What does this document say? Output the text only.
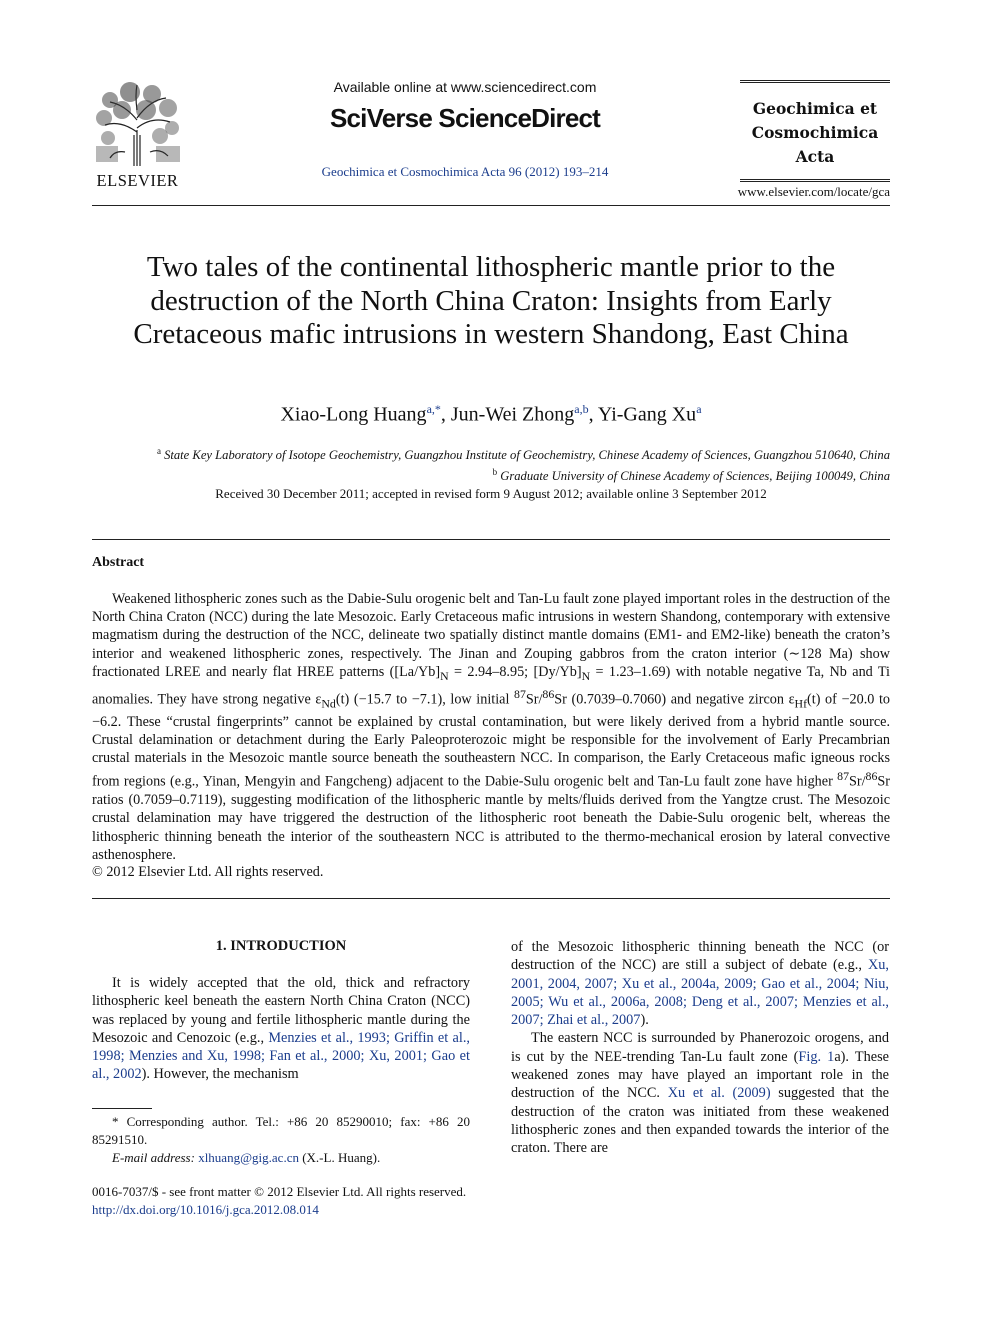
ELSEVIER
Available online at www.sciencedirect.com
SciVerse ScienceDirect
Geochimica et Cosmochimica Acta 96 (2012) 193–214
Geochimica et
Cosmochimica
Acta
www.elsevier.com/locate/gca
Two tales of the continental lithospheric mantle prior to the destruction of the North China Craton: Insights from Early Cretaceous mafic intrusions in western Shandong, East China
Xiao-Long Huang$^{a,*}$, Jun-Wei Zhong$^{a,b}$, Yi-Gang Xu$^a$
$^a$ State Key Laboratory of Isotope Geochemistry, Guangzhou Institute of Geochemistry, Chinese Academy of Sciences, Guangzhou 510640, China
$^b$ Graduate University of Chinese Academy of Sciences, Beijing 100049, China
Received 30 December 2011; accepted in revised form 9 August 2012; available online 3 September 2012
Abstract

Weakened lithospheric zones such as the Dabie-Sulu orogenic belt and Tan-Lu fault zone played important roles in the destruction of the North China Craton (NCC) during the late Mesozoic. Early Cretaceous mafic intrusions in western Shandong, contemporary with extensive magmatism during the destruction of the NCC, delineate two spatially distinct mantle domains (EM1- and EM2-like) beneath the craton’s interior and weakened lithospheric zones, respectively. The Jinan and Zouping gabbros from the craton interior (∼128 Ma) show fractionated LREE and nearly flat HREE patterns ($[La/Yb]_N = 2.94-8.95$; $[Dy/Yb]_N = 1.23-1.69$) with notable negative Ta, Nb and Ti anomalies. They have strong negative $\varepsilon_{Nd}(t)$ (−15.7 to −7.1), low initial $^{87}$Sr/$^{86}$Sr (0.7039–0.7060) and negative zircon $\varepsilon_{Hf}(t)$ of −20.0 to −6.2. These “crustal fingerprints” cannot be explained by crustal contamination, but were likely derived from a hybrid mantle source. Crustal delamination or detachment during the Early Paleoproterozoic might be responsible for the involvement of Early Precambrian crustal materials in the Mesozoic mantle source beneath the southeastern NCC. In comparison, the Early Cretaceous mafic igneous rocks from regions (e.g., Yinan, Mengyin and Fangcheng) adjacent to the Dabie-Sulu orogenic belt and Tan-Lu fault zone have higher $^{87}$Sr/$^{86}$Sr ratios (0.7059–0.7119), suggesting modification of the lithospheric mantle by melts/fluids derived from the Yangtze crust. The Mesozoic crustal delamination may have triggered the destruction of the lithospheric root beneath the Dabie-Sulu orogenic belt, whereas the lithospheric thinning beneath the interior of the southeastern NCC is attributed to the thermo-mechanical erosion by lateral convective asthenosphere.

© 2012 Elsevier Ltd. All rights reserved.
1. INTRODUCTION

It is widely accepted that the old, thick and refractory lithospheric keel beneath the eastern North China Craton (NCC) was replaced by young and fertile lithospheric mantle during the Mesozoic and Cenozoic (e.g., Menzies et al., 1993; Griffin et al., 1998; Menzies and Xu, 1998; Fan et al., 2000; Xu, 2001; Gao et al., 2002). However, the mechanism

* Corresponding author. Tel.: +86 20 85290010; fax: +86 20 85291510.

E-mail address: xlhuang@gig.ac.cn (X.-L. Huang).

0016-7037/$ - see front matter © 2012 Elsevier Ltd. All rights reserved.
http://dx.doi.org/10.1016/j.gca.2012.08.014

of the Mesozoic lithospheric thinning beneath the NCC (or destruction of the NCC) are still a subject of debate (e.g., Xu, 2001, 2004, 2007; Xu et al., 2004a, 2009; Gao et al., 2004; Niu, 2005; Wu et al., 2006a, 2008; Deng et al., 2007; Menzies et al., 2007; Zhai et al., 2007).

The eastern NCC is surrounded by Phanerozoic orogens, and is cut by the NEE-trending Tan-Lu fault zone (Fig. 1a). These weakened zones may have played an important role in the destruction of the NCC. Xu et al. (2009) suggested that the destruction of the craton was initiated from these weakened lithospheric zones and then expanded towards the interior of the craton. There are
